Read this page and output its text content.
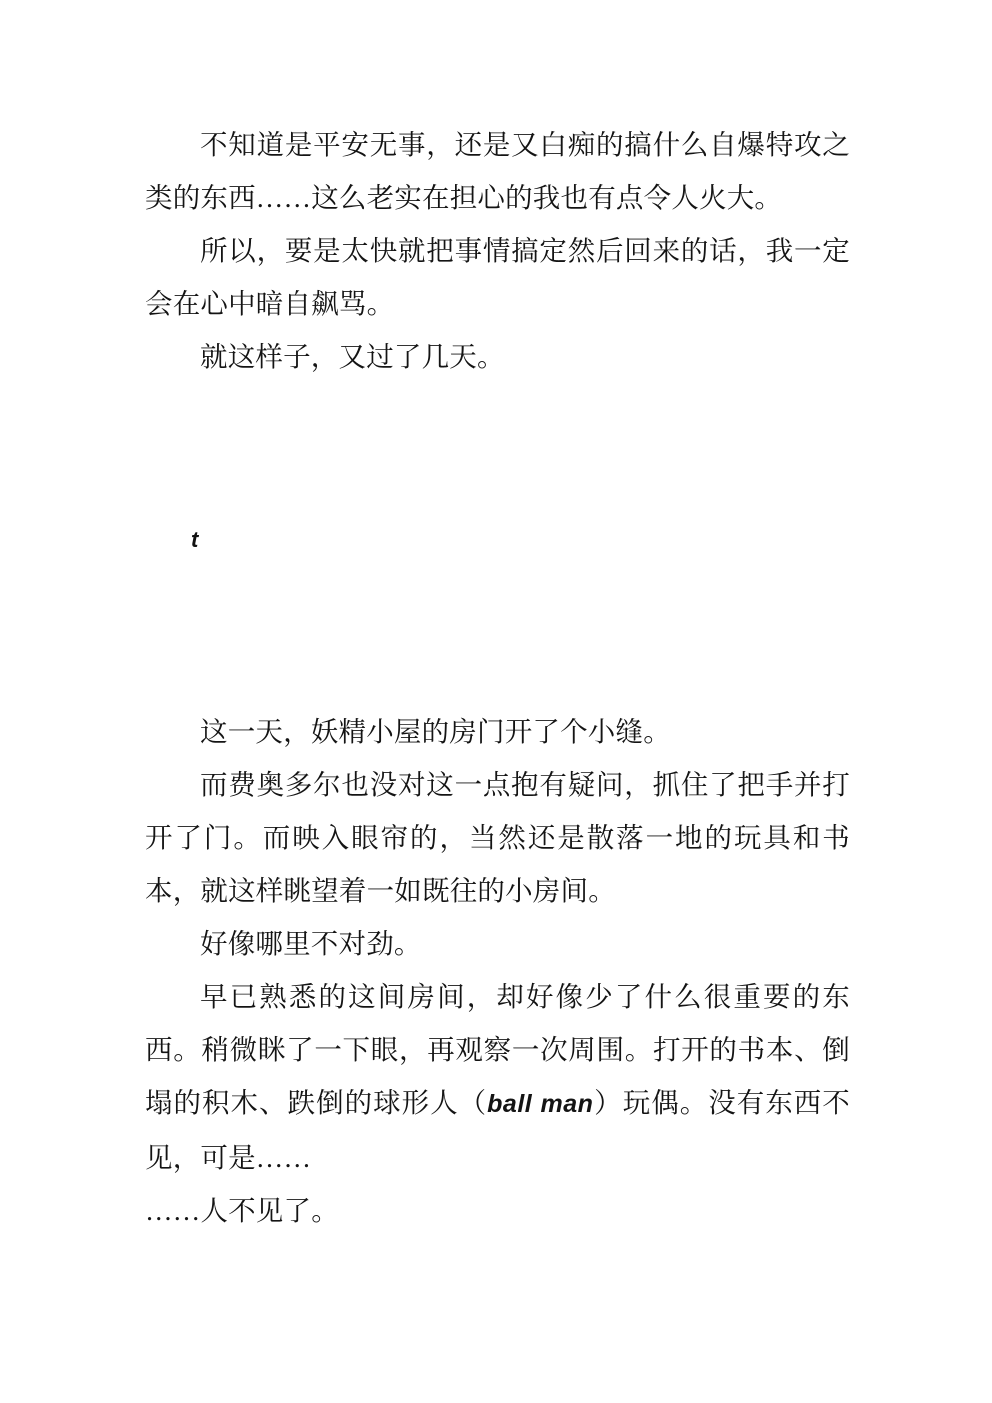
不知道是平安无事，还是又白痴的搞什么自爆特攻之类的东西……这么老实在担心的我也有点令人火大。

所以，要是太快就把事情搞定然后回来的话，我一定会在心中暗自飙骂。

就这样子，又过了几天。

t

这一天，妖精小屋的房门开了个小缝。

而费奥多尔也没对这一点抱有疑问，抓住了把手并打开了门。而映入眼帘的，当然还是散落一地的玩具和书本，就这样眺望着一如既往的小房间。

好像哪里不对劲。

早已熟悉的这间房间，却好像少了什么很重要的东西。稍微眯了一下眼，再观察一次周围。打开的书本、倒塌的积木、跌倒的球形人（ball man）玩偶。没有东西不见，可是……

……人不见了。
